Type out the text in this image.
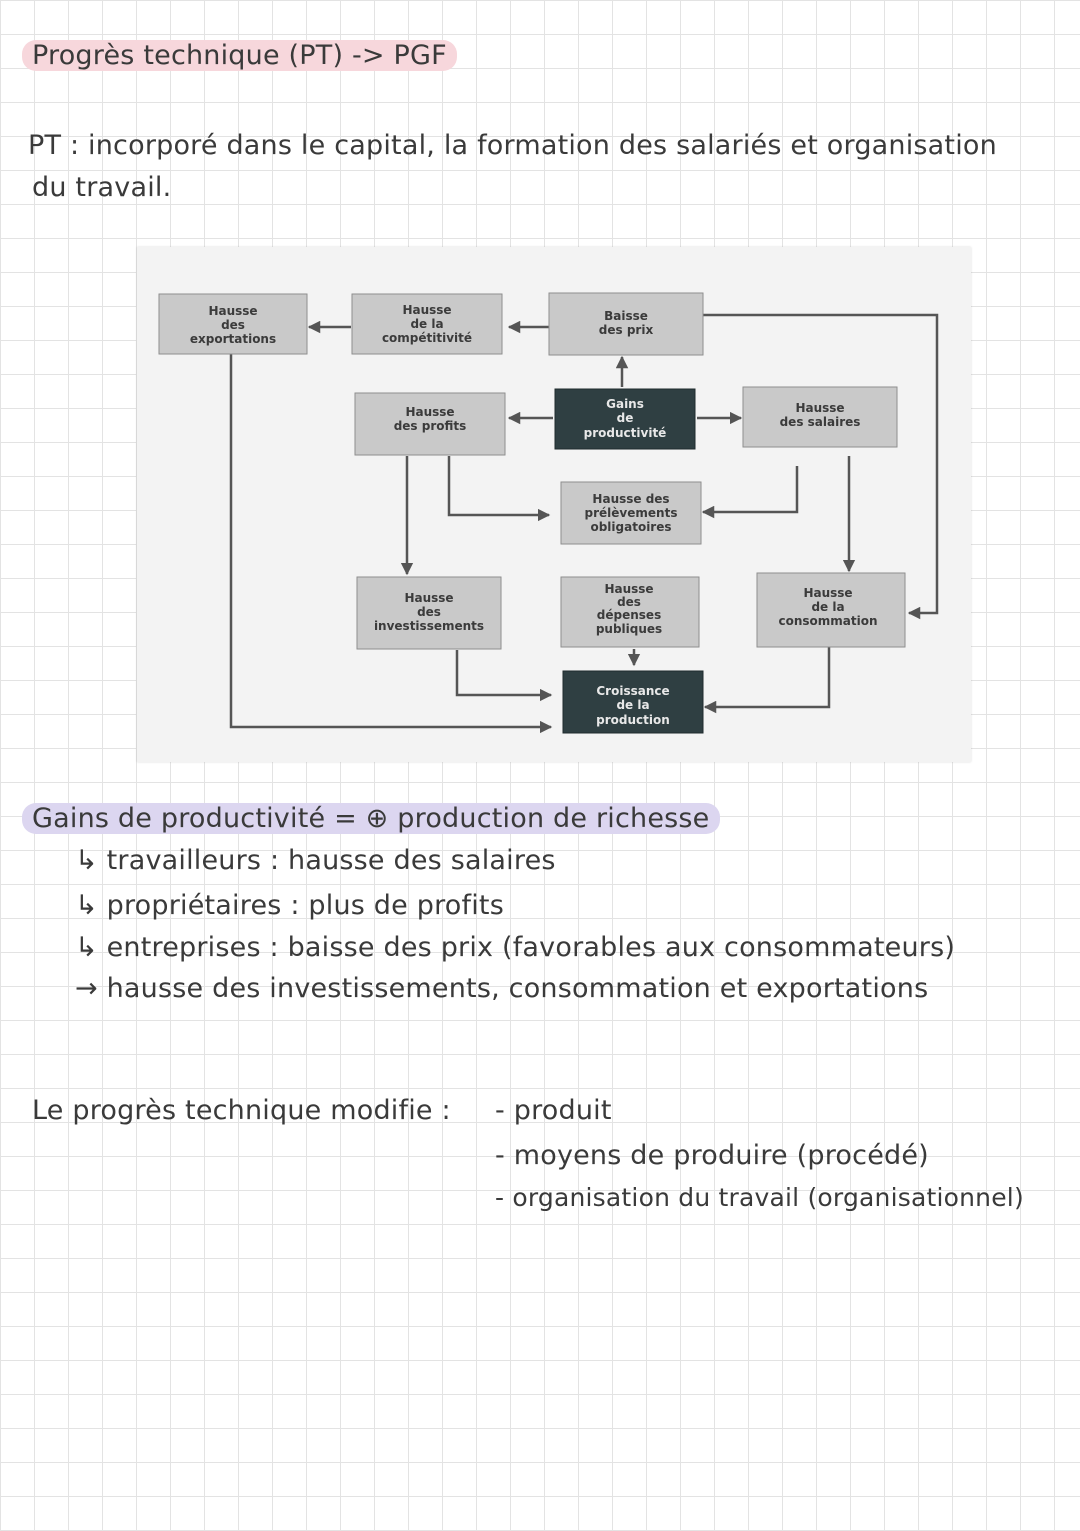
Progrès technique (PT) -> PGF
PT : incorporé dans le capital, la formation des salariés et organisation
du travail.
Hausse
des
exportations
Hausse
de la
compétitivité
Baisse
des prix
Hausse
des profits
Gains
de
productivité
Hausse
des salaires
Hausse des
prélèvements
obligatoires
Hausse
des
investissements
Hausse
des
dépenses
publiques
Hausse
de la
consommation
Croissance
de la
production
Gains de productivité = ⊕ production de richesse
↳ travailleurs : hausse des salaires
↳ propriétaires : plus de profits
↳ entreprises : baisse des prix (favorables aux consommateurs)
→ hausse des investissements, consommation et exportations
Le progrès technique modifie : - produit
- moyens de produire (procédé)
- organisation du travail (organisationnel)
